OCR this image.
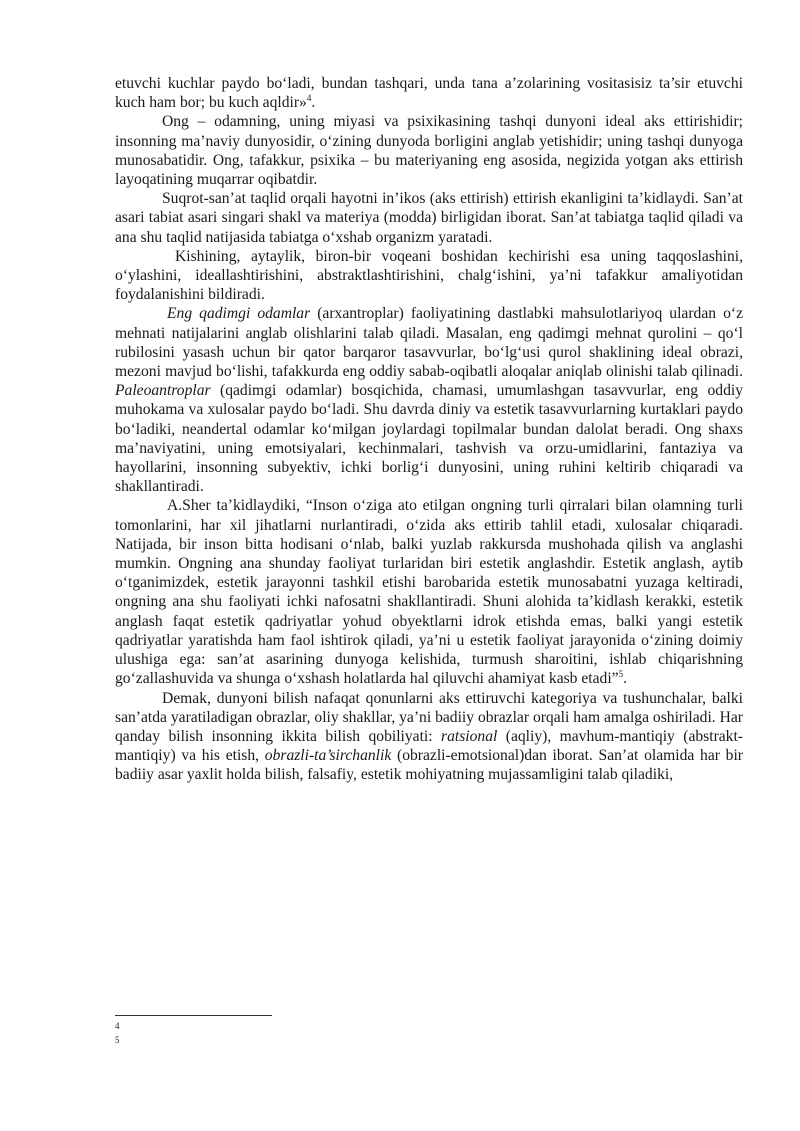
etuvchi kuchlar paydo bo‘ladi, bundan tashqari, unda tana a’zolarining vositasisiz ta’sir etuvchi kuch ham bor; bu kuch aqldir»$^4$.

Ong – odamning, uning miyasi va psixikasining tashqi dunyoni ideal aks ettirishidir; insonning ma’naviy dunyosidir, o‘zining dunyoda borligini anglab yetishidir; uning tashqi dunyoga munosabatidir. Ong, tafakkur, psixika – bu materiyaning eng asosida, negizida yotgan aks ettirish layoqatining muqarrar oqibatdir.

Suqrot-san’at taqlid orqali hayotni in’ikos (aks ettirish) ettirish ekanligini ta’kidlaydi. San’at asari tabiat asari singari shakl va materiya (modda) birligidan iborat. San’at tabiatga taqlid qiladi va ana shu taqlid natijasida tabiatga o‘xshab organizm yaratadi.

Kishining, aytaylik, biron-bir voqeani boshidan kechirishi esa uning taqqoslashini, o‘ylashini, ideallashtirishini, abstraktlashtirishini, chalg‘ishini, ya’ni tafakkur amaliyotidan foydalanishini bildiradi.

Eng qadimgi odamlar (arxantroplar) faoliyatining dastlabki mahsulotlariyoq ulardan o‘z mehnati natijalarini anglab olishlarini talab qiladi. Masalan, eng qadimgi mehnat qurolini – qo‘l rubilosini yasash uchun bir qator barqaror tasavvurlar, bo‘lg‘usi qurol shaklining ideal obrazi, mezoni mavjud bo‘lishi, tafakkurda eng oddiy sabab-oqibatli aloqalar aniqlab olinishi talab qilinadi. Paleoantroplar (qadimgi odamlar) bosqichida, chamasi, umumlashgan tasavvurlar, eng oddiy muhokama va xulosalar paydo bo‘ladi. Shu davrda diniy va estetik tasavvurlarning kurtaklari paydo bo‘ladiki, neandertal odamlar ko‘milgan joylardagi topilmalar bundan dalolat beradi. Ong shaxs ma’naviyatini, uning emotsiyalari, kechinmalari, tashvish va orzu-umidlarini, fantaziya va hayollarini, insonning subyektiv, ichki borlig‘i dunyosini, uning ruhini keltirib chiqaradi va shakllantiradi.

A.Sher ta’kidlaydiki, “Inson o‘ziga ato etilgan ongning turli qirralari bilan olamning turli tomonlarini, har xil jihatlarni nurlantiradi, o‘zida aks ettirib tahlil etadi, xulosalar chiqaradi. Natijada, bir inson bitta hodisani o‘nlab, balki yuzlab rakkursda mushohada qilish va anglashi mumkin. Ongning ana shunday faoliyat turlaridan biri estetik anglashdir. Estetik anglash, aytib o‘tganimizdek, estetik jarayonni tashkil etishi barobarida estetik munosabatni yuzaga keltiradi, ongning ana shu faoliyati ichki nafosatni shakllantiradi. Shuni alohida ta’kidlash kerakki, estetik anglash faqat estetik qadriyatlar yohud obyektlarni idrok etishda emas, balki yangi estetik qadriyatlar yaratishda ham faol ishtirok qiladi, ya’ni u estetik faoliyat jarayonida o‘zining doimiy ulushiga ega: san’at asarining dunyoga kelishida, turmush sharoitini, ishlab chiqarishning go‘zallashuvida va shunga o‘xshash holatlarda hal qiluvchi ahamiyat kasb etadi”$^5$.

Demak, dunyoni bilish nafaqat qonunlarni aks ettiruvchi kategoriya va tushunchalar, balki san’atda yaratiladigan obrazlar, oliy shakllar, ya’ni badiiy obrazlar orqali ham amalga oshiriladi. Har qanday bilish insonning ikkita bilish qobiliyati: ratsional (aqliy), mavhum-mantiqiy (abstrakt-mantiqiy) va his etish, obrazli-ta’sirchanlik (obrazli-emotsional)dan iborat. San’at olamida har bir badiiy asar yaxlit holda bilish, falsafiy, estetik mohiyatning mujassamligini talab qiladiki,

4
5
